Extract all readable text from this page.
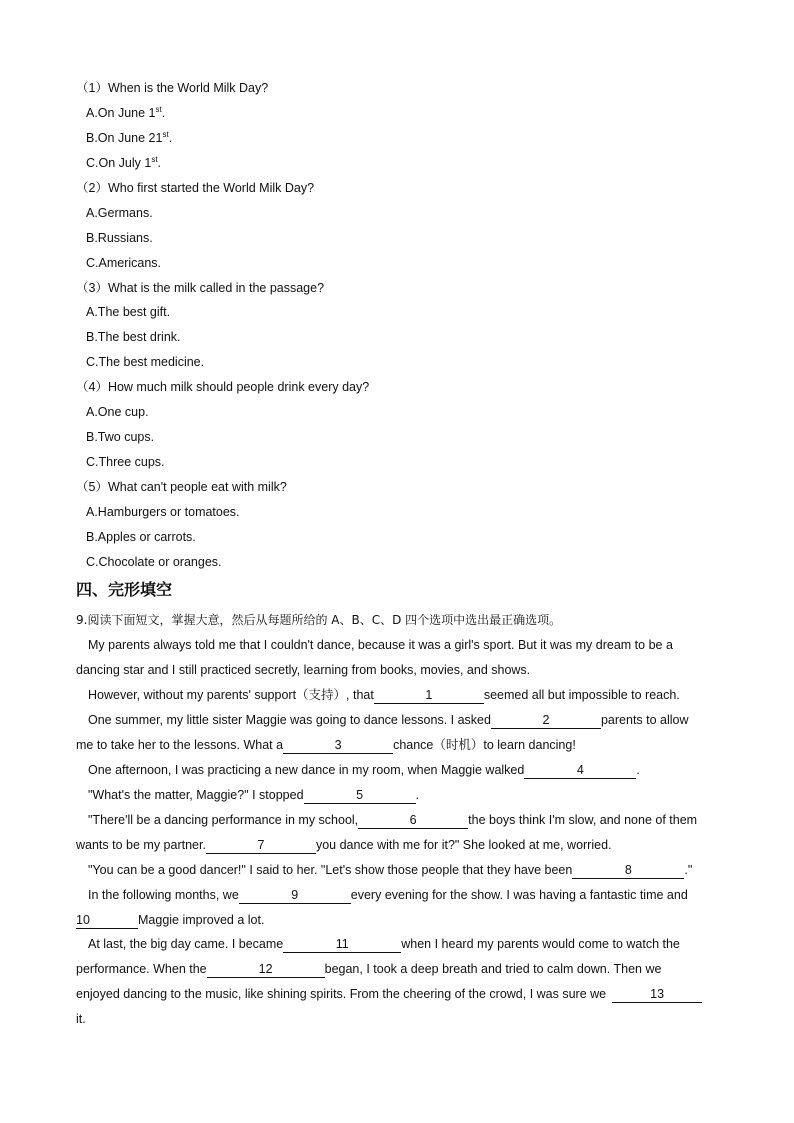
（1）When is the World Milk Day?
A.On June 1st.
B.On June 21st.
C.On July 1st.
（2）Who first started the World Milk Day?
A.Germans.
B.Russians.
C.Americans.
（3）What is the milk called in the passage?
A.The best gift.
B.The best drink.
C.The best medicine.
（4）How much milk should people drink every day?
A.One cup.
B.Two cups.
C.Three cups.
（5）What can't people eat with milk?
A.Hamburgers or tomatoes.
B.Apples or carrots.
C.Chocolate or oranges.
四、完形填空
9.阅读下面短文，掌握大意，然后从每题所给的 A、B、C、D 四个选项中选出最正确选项。
My parents always told me that I couldn't dance, because it was a girl's sport. But it was my dream to be a
dancing star and I still practiced secretly, learning from books, movies, and shows.
However, without my parents' support（支持）, that	1	seemed all but impossible to reach.
One summer, my little sister Maggie was going to dance lessons. I asked	2	parents to allow
me to take her to the lessons. What a	3	chance（时机）to learn dancing!
One afternoon, I was practicing a new dance in my room, when Maggie walked	4	.
"What's the matter, Maggie?" I stopped	5	.
"There'll be a dancing performance in my school,	6	the boys think I'm slow, and none of them
wants to be my partner.	7	you dance with me for it?" She looked at me, worried.
"You can be a good dancer!" I said to her. "Let's show those people that they have been	8	."
In the following months, we	9	every evening for the show. I was having a fantastic time and
10	Maggie improved a lot.
At last, the big day came. I became	11	when I heard my parents would come to watch the
performance. When the	12	began, I took a deep breath and tried to calm down. Then we
enjoyed dancing to the music, like shining spirits. From the cheering of the crowd, I was sure we	13
it.
